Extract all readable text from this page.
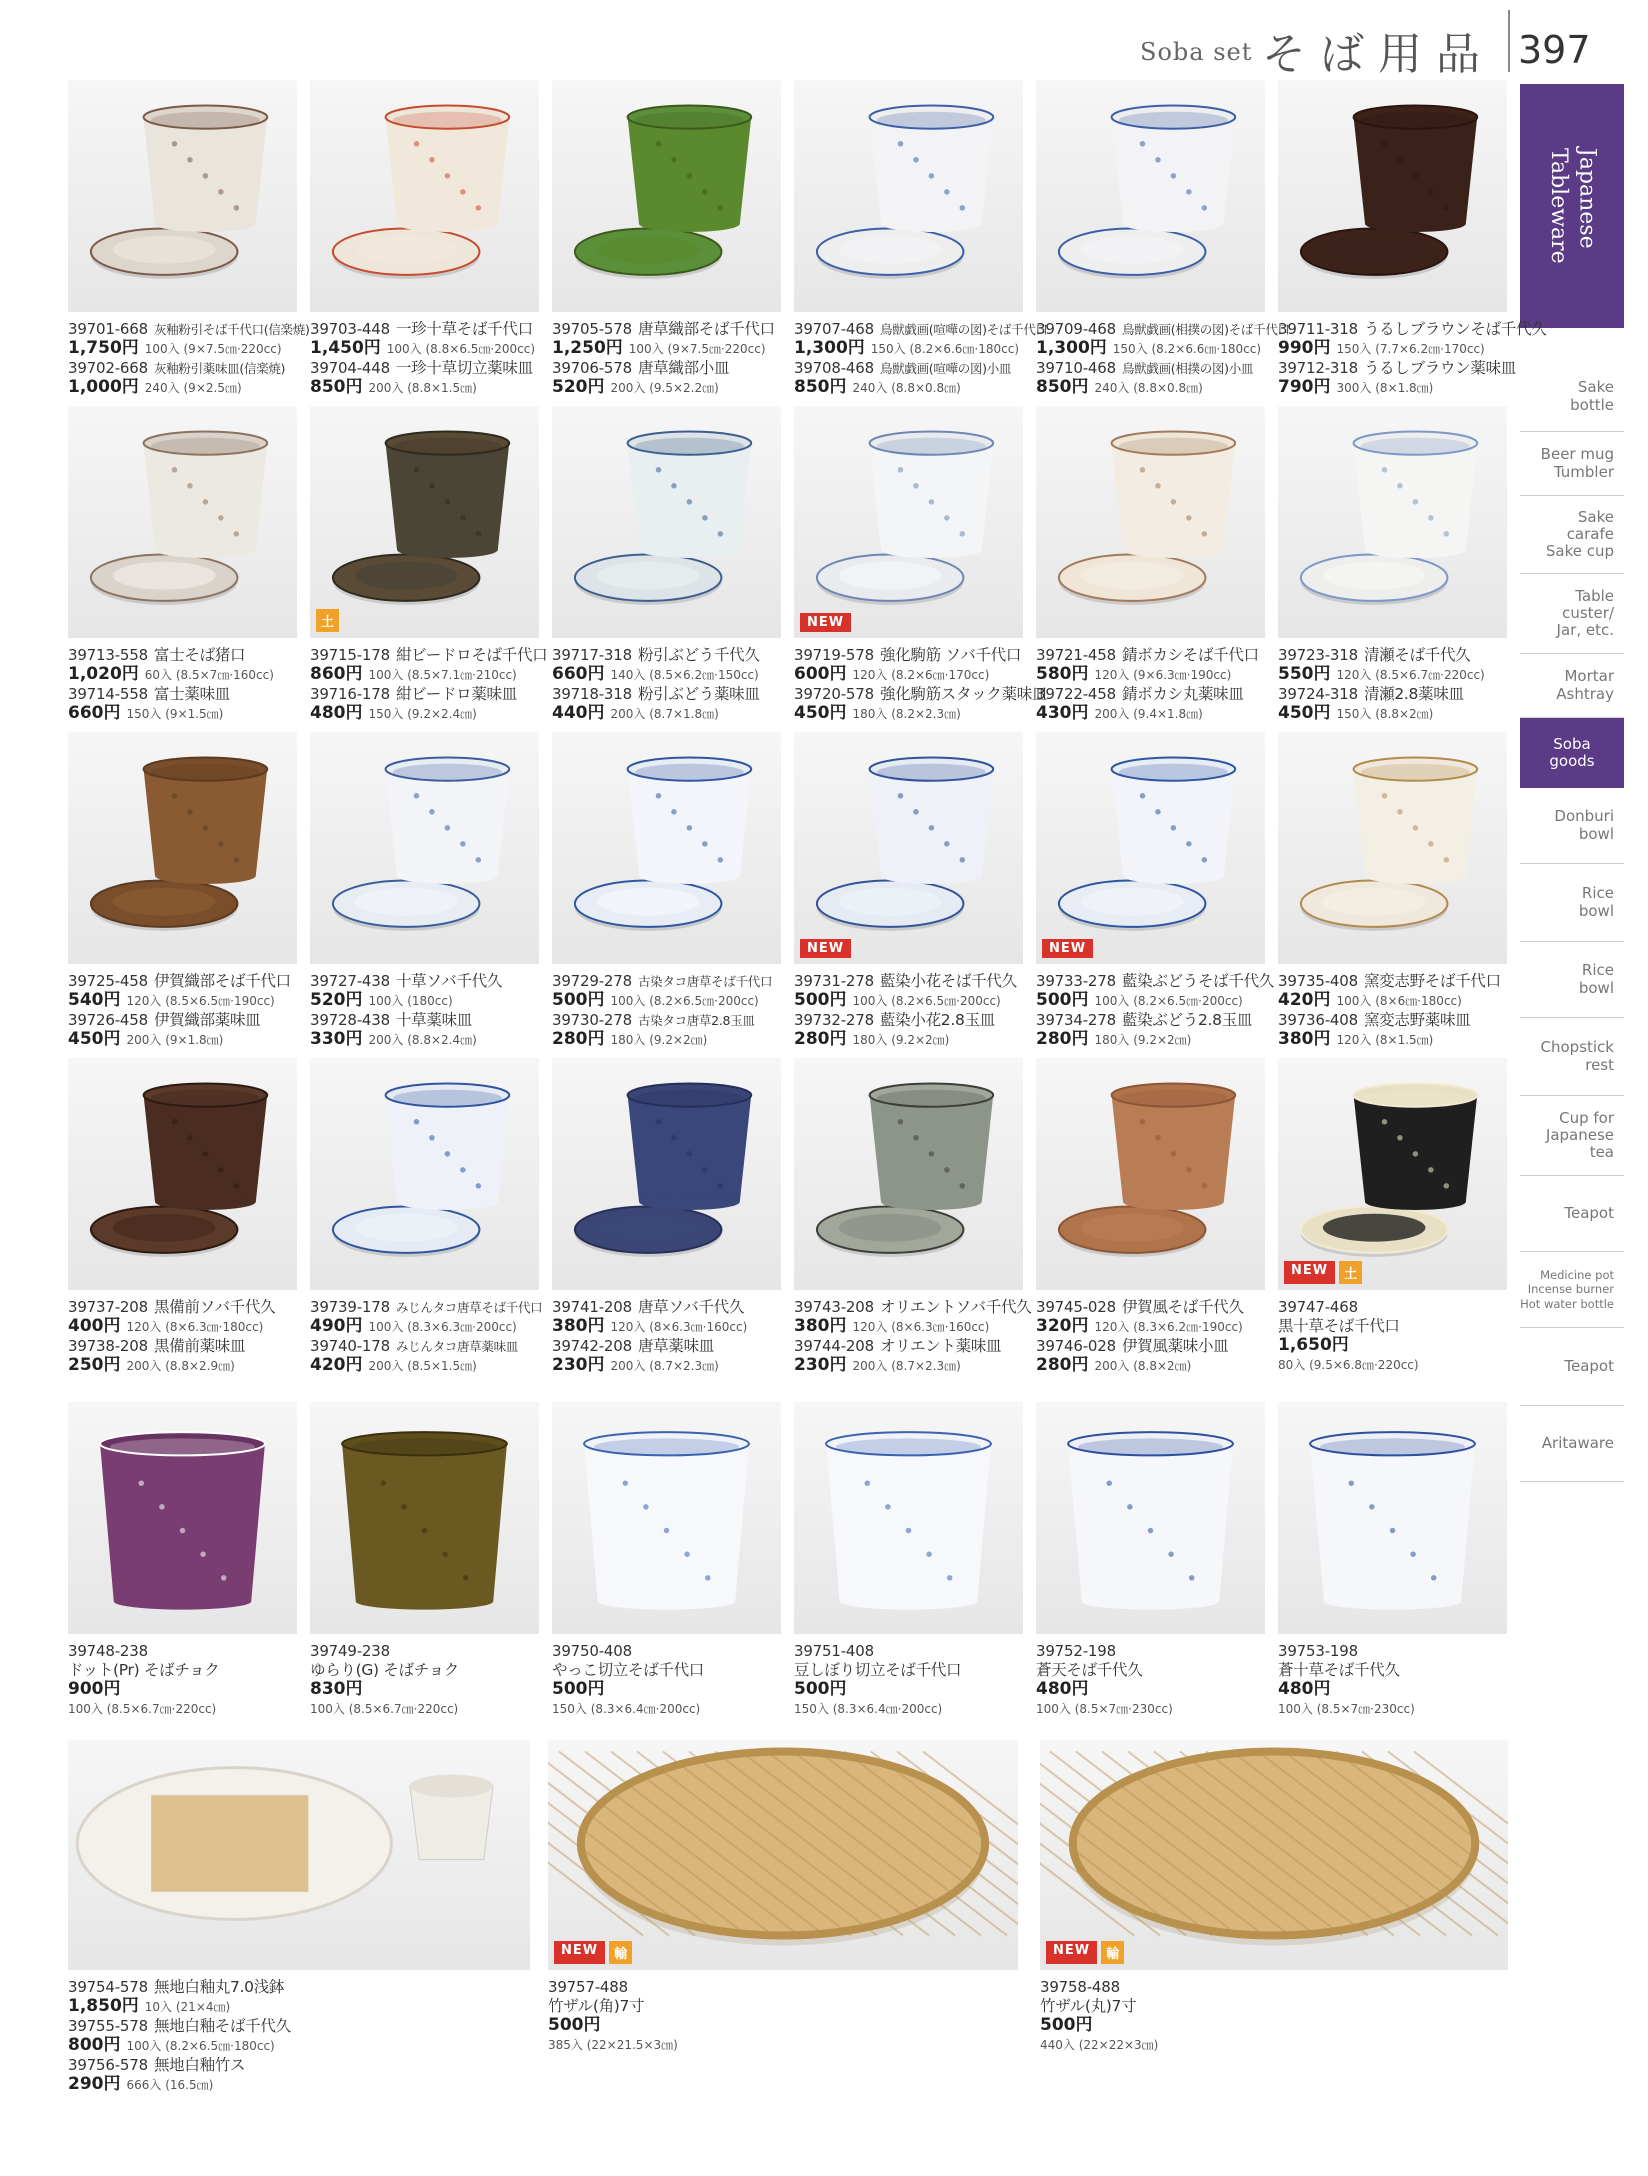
Soba set そば用品 397
Japanese
Tableware
Sake
bottle
Beer mug
Tumbler
Sake
carafe
Sake cup
Table
custer/
Jar, etc.
Mortar
Ashtray
Soba
goods
Donburi
bowl
Rice
bowl
Rice
bowl
Chopstick
rest
Cup for
Japanese
tea
Teapot
Medicine pot
Incense burner
Hot water bottle
Teapot
Aritaware
39701-668 灰釉粉引そば千代口(信楽焼)
1,750円 100入 (9×7.5㎝·220cc)
39702-668 灰釉粉引薬味皿(信楽焼)
1,000円 240入 (9×2.5㎝)
39703-448 一珍十草そば千代口
1,450円 100入 (8.8×6.5㎝·200cc)
39704-448 一珍十草切立薬味皿
850円 200入 (8.8×1.5㎝)
39705-578 唐草織部そば千代口
1,250円 100入 (9×7.5㎝·220cc)
39706-578 唐草織部小皿
520円 200入 (9.5×2.2㎝)
39707-468 鳥獣戯画(喧嘩の図)そば千代口
1,300円 150入 (8.2×6.6㎝·180cc)
39708-468 鳥獣戯画(喧嘩の図)小皿
850円 240入 (8.8×0.8㎝)
39709-468 鳥獣戯画(相撲の図)そば千代口
1,300円 150入 (8.2×6.6㎝·180cc)
39710-468 鳥獣戯画(相撲の図)小皿
850円 240入 (8.8×0.8㎝)
39711-318 うるしブラウンそば千代久
990円 150入 (7.7×6.2㎝·170cc)
39712-318 うるしブラウン薬味皿
790円 300入 (8×1.8㎝)
39713-558 富士そば猪口
1,020円 60入 (8.5×7㎝·160cc)
39714-558 富士薬味皿
660円 150入 (9×1.5㎝)
土
39715-178 紺ビードロそば千代口
860円 100入 (8.5×7.1㎝·210cc)
39716-178 紺ビードロ薬味皿
480円 150入 (9.2×2.4㎝)
39717-318 粉引ぶどう千代久
660円 140入 (8.5×6.2㎝·150cc)
39718-318 粉引ぶどう薬味皿
440円 200入 (8.7×1.8㎝)
NEW
39719-578 強化駒筋 ソバ千代口
600円 120入 (8.2×6㎝·170cc)
39720-578 強化駒筋スタック薬味皿
450円 180入 (8.2×2.3㎝)
39721-458 錆ボカシそば千代口
580円 120入 (9×6.3㎝·190cc)
39722-458 錆ボカシ丸薬味皿
430円 200入 (9.4×1.8㎝)
39723-318 清瀬そば千代久
550円 120入 (8.5×6.7㎝·220cc)
39724-318 清瀬2.8薬味皿
450円 150入 (8.8×2㎝)
39725-458 伊賀織部そば千代口
540円 120入 (8.5×6.5㎝·190cc)
39726-458 伊賀織部薬味皿
450円 200入 (9×1.8㎝)
39727-438 十草ソバ千代久
520円 100入 (180cc)
39728-438 十草薬味皿
330円 200入 (8.8×2.4㎝)
39729-278 古染タコ唐草そば千代口
500円 100入 (8.2×6.5㎝·200cc)
39730-278 古染タコ唐草2.8玉皿
280円 180入 (9.2×2㎝)
NEW
39731-278 藍染小花そば千代久
500円 100入 (8.2×6.5㎝·200cc)
39732-278 藍染小花2.8玉皿
280円 180入 (9.2×2㎝)
NEW
39733-278 藍染ぶどうそば千代久
500円 100入 (8.2×6.5㎝·200cc)
39734-278 藍染ぶどう2.8玉皿
280円 180入 (9.2×2㎝)
39735-408 窯変志野そば千代口
420円 100入 (8×6㎝·180cc)
39736-408 窯変志野薬味皿
380円 120入 (8×1.5㎝)
39737-208 黒備前ソバ千代久
400円 120入 (8×6.3㎝·180cc)
39738-208 黒備前薬味皿
250円 200入 (8.8×2.9㎝)
39739-178 みじんタコ唐草そば千代口
490円 100入 (8.3×6.3㎝·200cc)
39740-178 みじんタコ唐草薬味皿
420円 200入 (8.5×1.5㎝)
39741-208 唐草ソバ千代久
380円 120入 (8×6.3㎝·160cc)
39742-208 唐草薬味皿
230円 200入 (8.7×2.3㎝)
39743-208 オリエントソバ千代久
380円 120入 (8×6.3㎝·160cc)
39744-208 オリエント薬味皿
230円 200入 (8.7×2.3㎝)
39745-028 伊賀風そば千代久
320円 120入 (8.3×6.2㎝·190cc)
39746-028 伊賀風薬味小皿
280円 200入 (8.8×2㎝)
NEW	土
39747-468
黒十草そば千代口
1,650円
80入 (9.5×6.8㎝·220cc)
39748-238
ドット(Pr) そばチョク
900円
100入 (8.5×6.7㎝·220cc)
39749-238
ゆらり(G) そばチョク
830円
100入 (8.5×6.7㎝·220cc)
39750-408
やっこ切立そば千代口
500円
150入 (8.3×6.4㎝·200cc)
39751-408
豆しぼり切立そば千代口
500円
150入 (8.3×6.4㎝·200cc)
39752-198
蒼天そば千代久
480円
100入 (8.5×7㎝·230cc)
39753-198
蒼十草そば千代久
480円
100入 (8.5×7㎝·230cc)
39754-578 無地白釉丸7.0浅鉢
1,850円 10入 (21×4㎝)
39755-578 無地白釉そば千代久
800円 100入 (8.2×6.5㎝·180cc)
39756-578 無地白釉竹ス
290円 666入 (16.5㎝)
NEW	輸
39757-488
竹ザル(角)7寸
500円
385入 (22×21.5×3㎝)
NEW	輸
39758-488
竹ザル(丸)7寸
500円
440入 (22×22×3㎝)
